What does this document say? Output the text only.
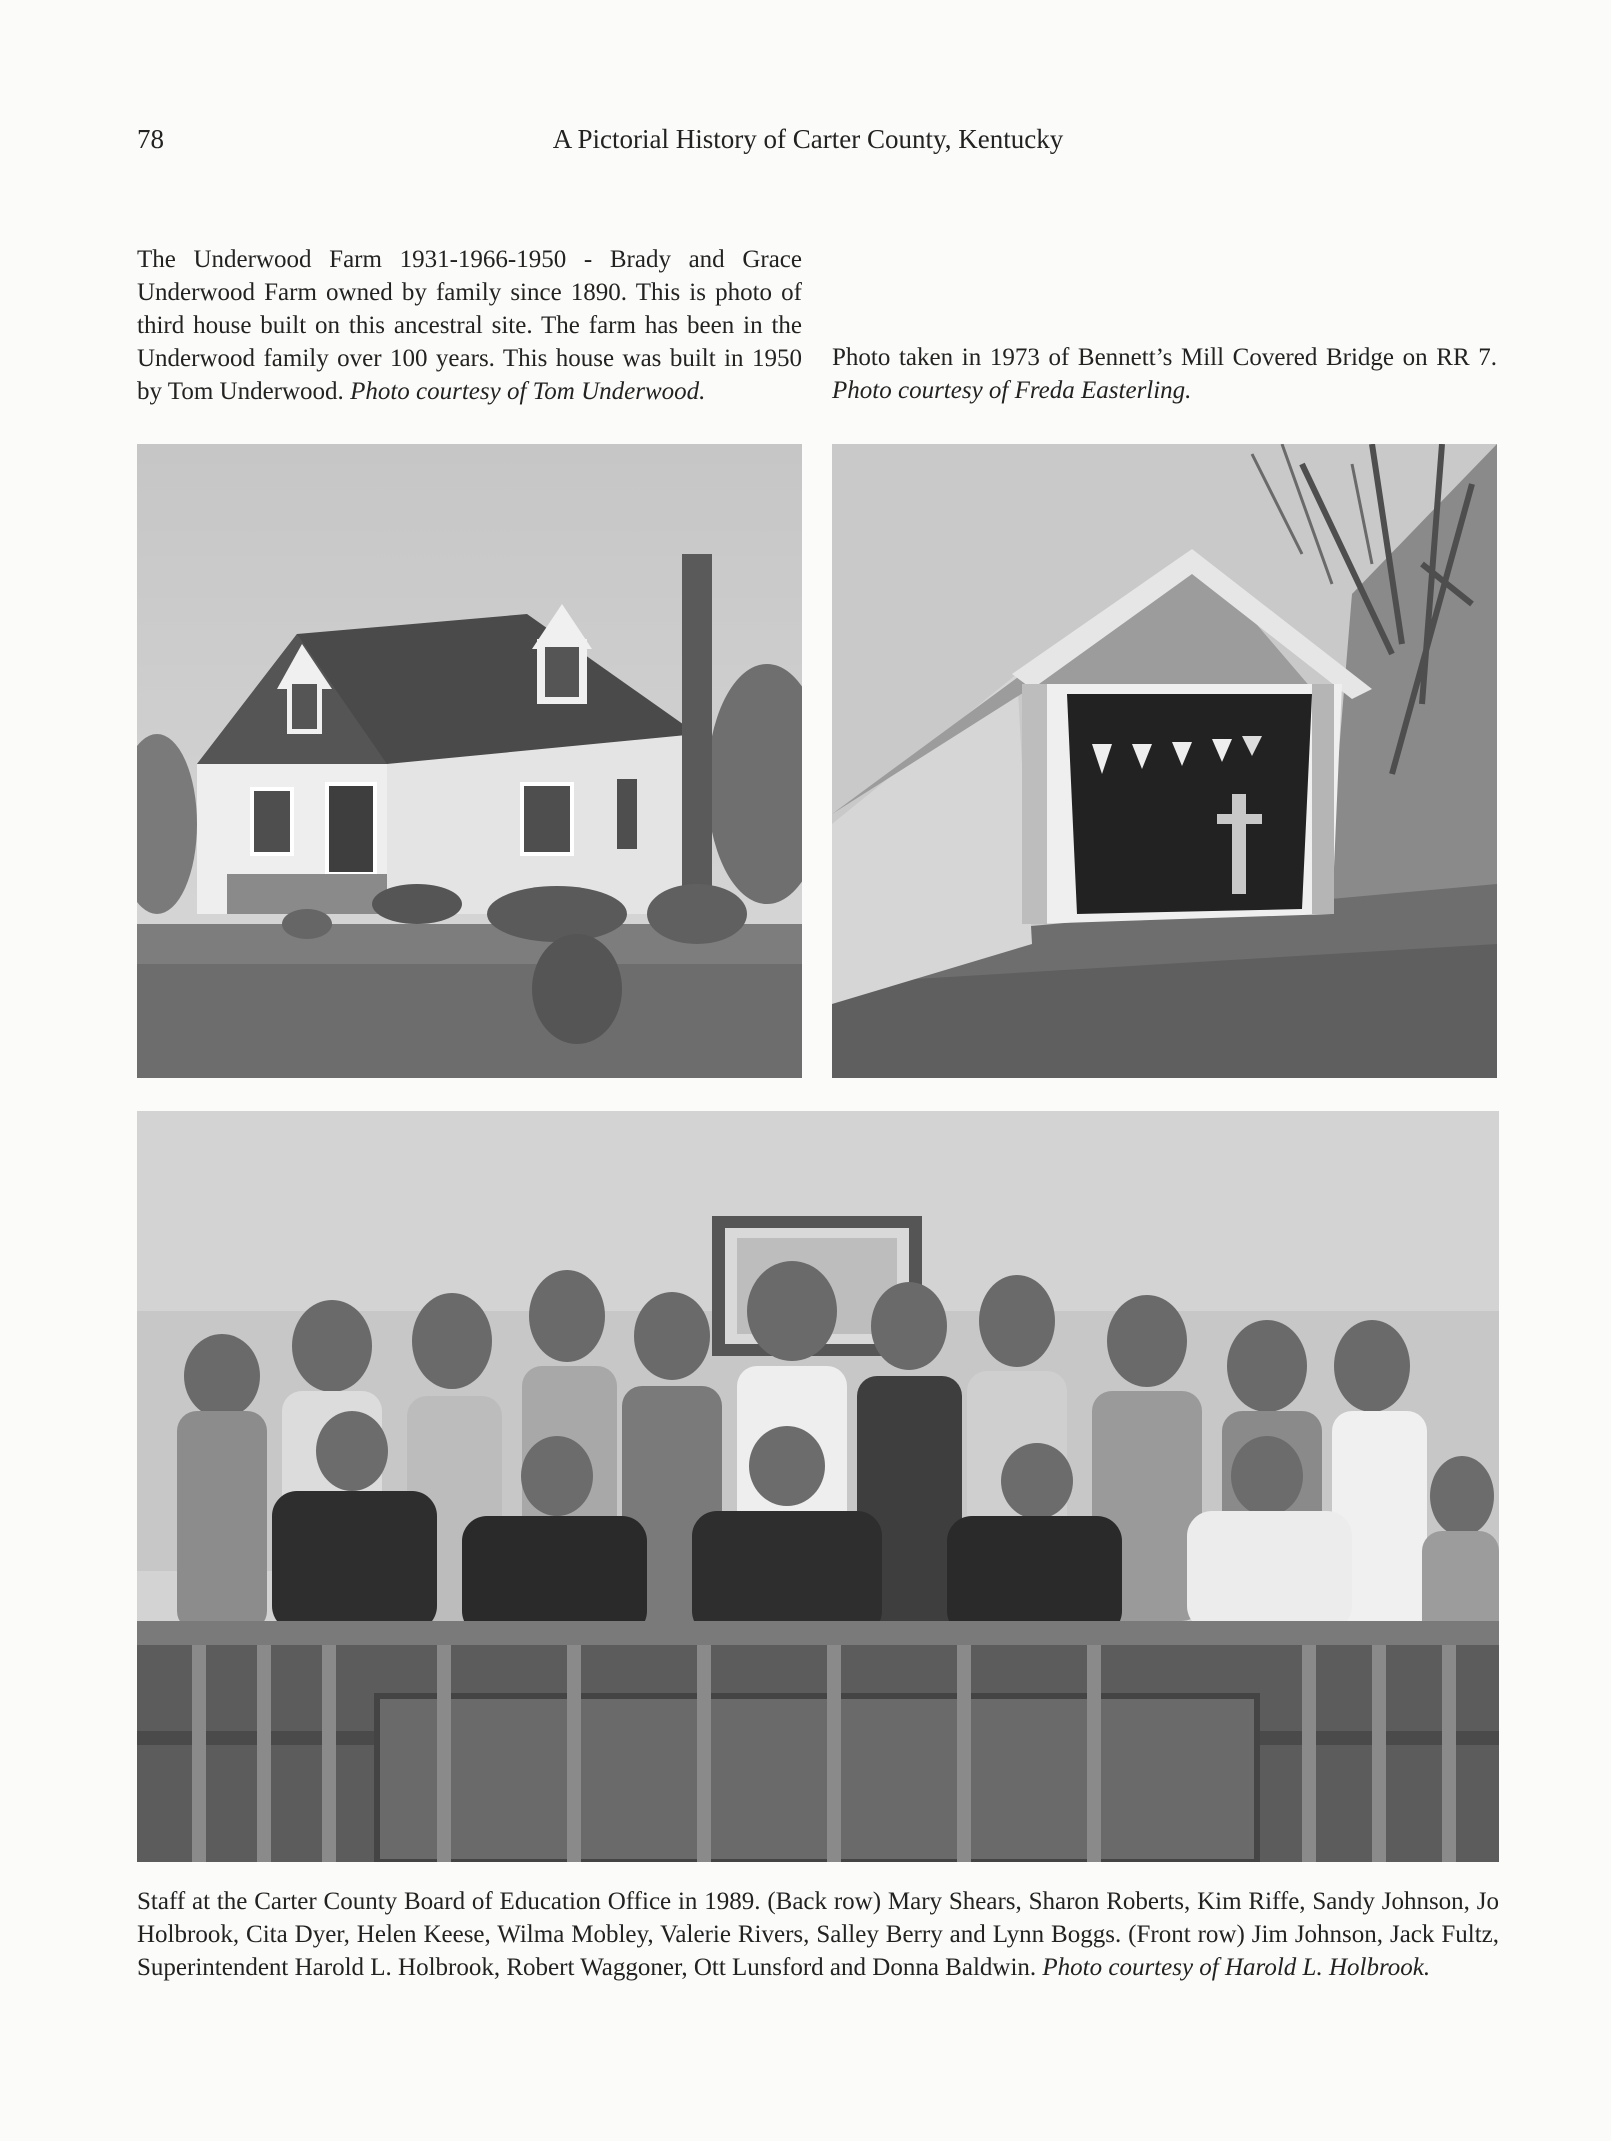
78	A Pictorial History of Carter County, Kentucky
The Underwood Farm 1931-1966-1950 - Brady and Grace Underwood Farm owned by family since 1890. This is photo of third house built on this ancestral site. The farm has been in the Underwood family over 100 years. This house was built in 1950 by Tom Underwood. Photo courtesy of Tom Underwood.
Photo taken in 1973 of Bennett’s Mill Covered Bridge on RR 7. Photo courtesy of Freda Easterling.
Staff at the Carter County Board of Education Office in 1989. (Back row) Mary Shears, Sharon Roberts, Kim Riffe, Sandy Johnson, Jo Holbrook, Cita Dyer, Helen Keese, Wilma Mobley, Valerie Rivers, Salley Berry and Lynn Boggs. (Front row) Jim Johnson, Jack Fultz, Superintendent Harold L. Holbrook, Robert Waggoner, Ott Lunsford and Donna Baldwin. Photo courtesy of Harold L. Holbrook.
